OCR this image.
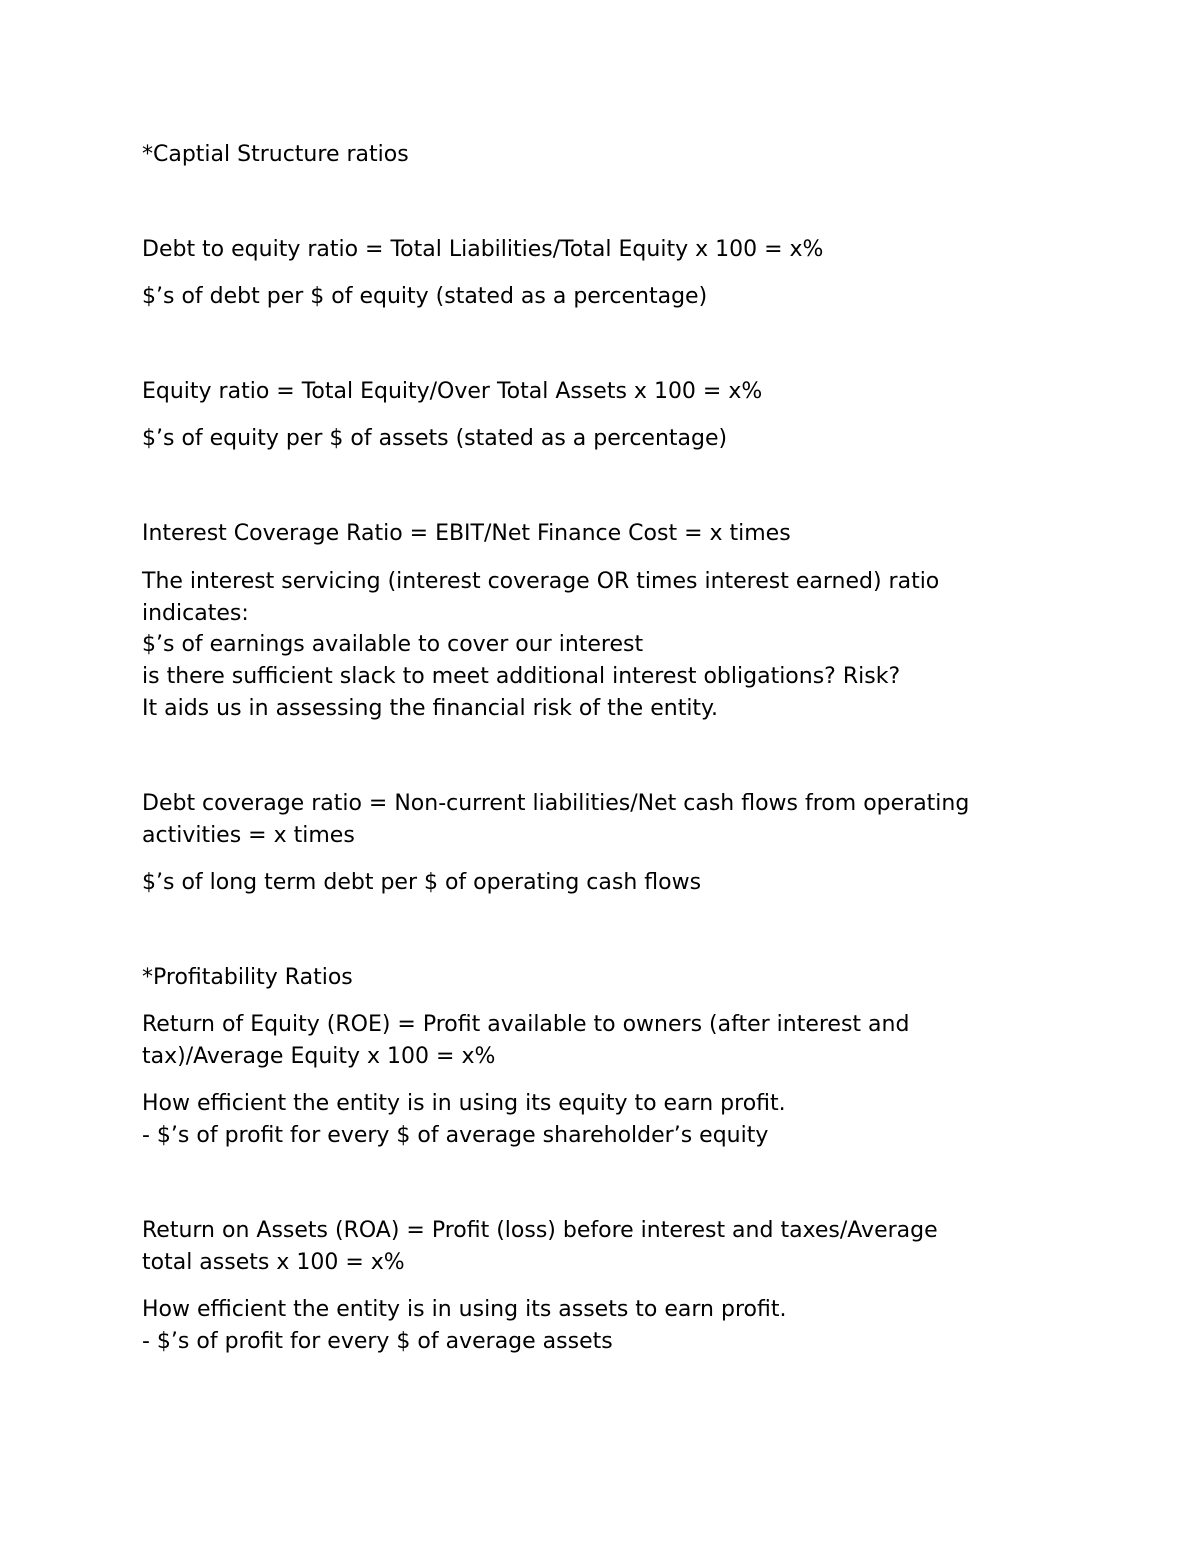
*Captial Structure ratios

Debt to equity ratio = Total Liabilities/Total Equity x 100 = x%

$’s of debt per $ of equity (stated as a percentage)

Equity ratio = Total Equity/Over Total Assets x 100 = x%

$’s of equity per $ of assets (stated as a percentage)

Interest Coverage Ratio = EBIT/Net Finance Cost = x times

The interest servicing (interest coverage OR times interest earned) ratio

indicates:

$’s of earnings available to cover our interest

is there sufficient slack to meet additional interest obligations? Risk?

It aids us in assessing the financial risk of the entity.

Debt coverage ratio = Non-current liabilities/Net cash flows from operating

activities = x times

$’s of long term debt per $ of operating cash flows

*Profitability Ratios

Return of Equity (ROE) = Profit available to owners (after interest and

tax)/Average Equity x 100 = x%

How efficient the entity is in using its equity to earn profit.

- $’s of profit for every $ of average shareholder’s equity

Return on Assets (ROA) = Profit (loss) before interest and taxes/Average

total assets x 100 = x%

How efficient the entity is in using its assets to earn profit.

- $’s of profit for every $ of average assets
